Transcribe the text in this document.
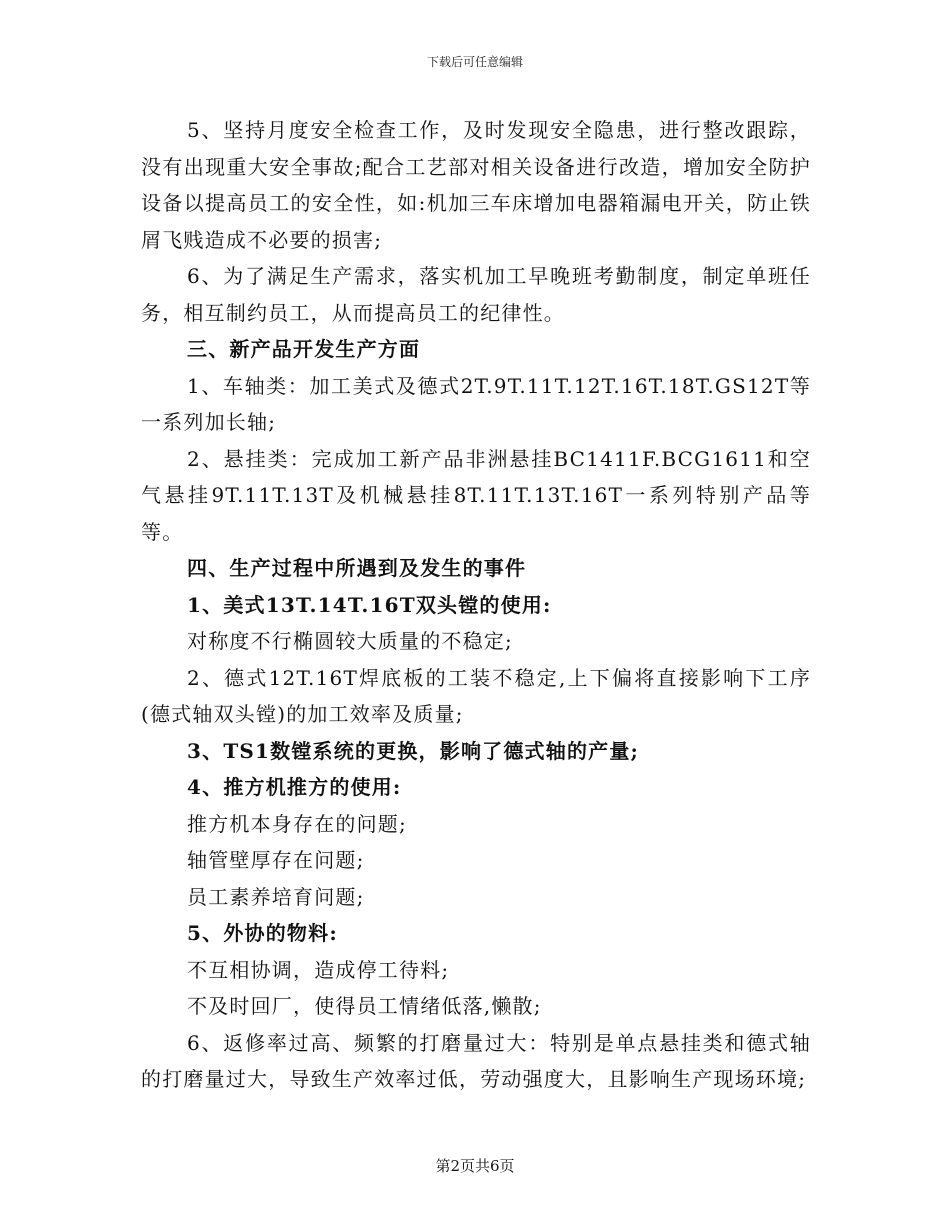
下载后可任意编辑

5、坚持月度安全检查工作，及时发现安全隐患，进行整改跟踪，没有出现重大安全事故;配合工艺部对相关设备进行改造，增加安全防护设备以提高员工的安全性，如:机加三车床增加电器箱漏电开关，防止铁屑飞贱造成不必要的损害;

6、为了满足生产需求，落实机加工早晚班考勤制度，制定单班任务，相互制约员工，从而提高员工的纪律性。

三、新产品开发生产方面

1、车轴类：加工美式及德式2T.9T.11T.12T.16T.18T.GS12T等一系列加长轴;

2、悬挂类：完成加工新产品非洲悬挂BC1411F.BCG1611和空气悬挂9T.11T.13T及机械悬挂8T.11T.13T.16T一系列特别产品等等。

四、生产过程中所遇到及发生的事件

1、美式13T.14T.16T双头镗的使用:

对称度不行椭圆较大质量的不稳定;

2、德式12T.16T焊底板的工装不稳定,上下偏将直接影响下工序(德式轴双头镗)的加工效率及质量;

3、TS1数镗系统的更换，影响了德式轴的产量;

4、推方机推方的使用:

推方机本身存在的问题;

轴管壁厚存在问题;

员工素养培育问题;

5、外协的物料:

不互相协调，造成停工待料;

不及时回厂，使得员工情绪低落,懒散;

6、返修率过高、频繁的打磨量过大：特别是单点悬挂类和德式轴的打磨量过大，导致生产效率过低，劳动强度大，且影响生产现场环境;

第2页共6页
